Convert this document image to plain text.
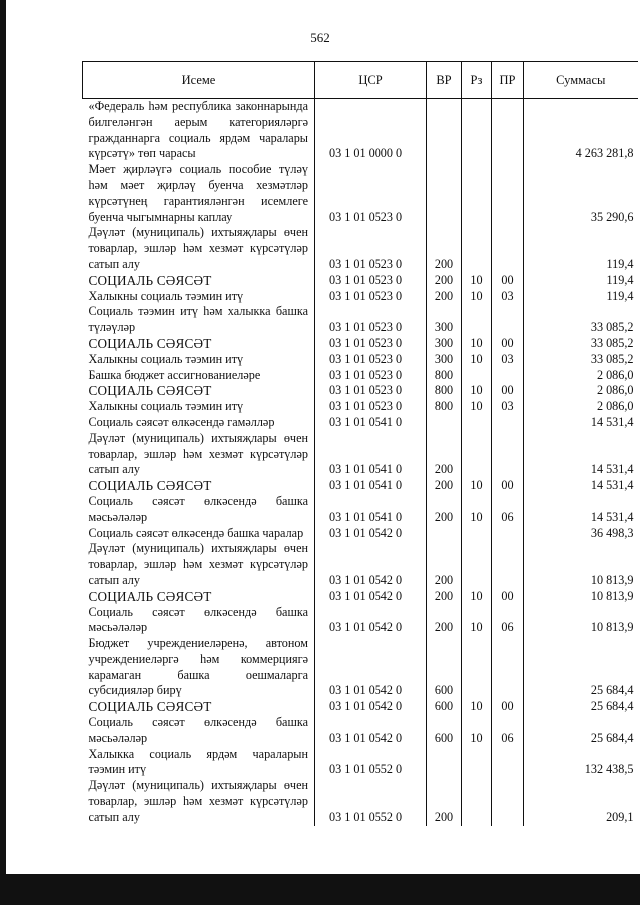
562
Исеме	ЦСР	ВР	Рз	ПР	Суммасы
«Федераль һәм республика законнарында билгеләнгән аерым категорияләргә гражданнарга социаль ярдәм чаралары күрсәтү» төп чарасы	03 1 01 0000 0				4 263 281,8
Мәет җирләүгә социаль пособие түләү һәм мәет җирләү буенча хезмәтләр күрсәтүнең гарантияләнгән исемлеге буенча чыгымнарны каплау	03 1 01 0523 0				35 290,6
Дәүләт (муниципаль) ихтыяҗлары өчен товарлар, эшләр һәм хезмәт күрсәтүләр сатып алу	03 1 01 0523 0	200			119,4
СОЦИАЛЬ СӘЯСӘТ	03 1 01 0523 0	200	10	00	119,4
Халыкны социаль тәэмин итү	03 1 01 0523 0	200	10	03	119,4
Социаль тәэмин итү һәм халыкка башка түләүләр	03 1 01 0523 0	300			33 085,2
СОЦИАЛЬ СӘЯСӘТ	03 1 01 0523 0	300	10	00	33 085,2
Халыкны социаль тәэмин итү	03 1 01 0523 0	300	10	03	33 085,2
Башка бюджет ассигнованиеләре	03 1 01 0523 0	800			2 086,0
СОЦИАЛЬ СӘЯСӘТ	03 1 01 0523 0	800	10	00	2 086,0
Халыкны социаль тәэмин итү	03 1 01 0523 0	800	10	03	2 086,0
Социаль сәясәт өлкәсендә гамәлләр	03 1 01 0541 0				14 531,4
Дәүләт (муниципаль) ихтыяҗлары өчен товарлар, эшләр һәм хезмәт күрсәтүләр сатып алу	03 1 01 0541 0	200			14 531,4
СОЦИАЛЬ СӘЯСӘТ	03 1 01 0541 0	200	10	00	14 531,4
Социаль сәясәт өлкәсендә башка мәсьәләләр	03 1 01 0541 0	200	10	06	14 531,4
Социаль сәясәт өлкәсендә башка чаралар	03 1 01 0542 0				36 498,3
Дәүләт (муниципаль) ихтыяҗлары өчен товарлар, эшләр һәм хезмәт күрсәтүләр сатып алу	03 1 01 0542 0	200			10 813,9
СОЦИАЛЬ СӘЯСӘТ	03 1 01 0542 0	200	10	00	10 813,9
Социаль сәясәт өлкәсендә башка мәсьәләләр	03 1 01 0542 0	200	10	06	10 813,9
Бюджет учреждениеләренә, автоном учреждениеләргә һәм коммерциягә карамаган башка оешмаларга субсидияләр бирү	03 1 01 0542 0	600			25 684,4
СОЦИАЛЬ СӘЯСӘТ	03 1 01 0542 0	600	10	00	25 684,4
Социаль сәясәт өлкәсендә башка мәсьәләләр	03 1 01 0542 0	600	10	06	25 684,4
Халыкка социаль ярдәм чараларын тәэмин итү	03 1 01 0552 0				132 438,5
Дәүләт (муниципаль) ихтыяҗлары өчен товарлар, эшләр һәм хезмәт күрсәтүләр сатып алу	03 1 01 0552 0	200			209,1
